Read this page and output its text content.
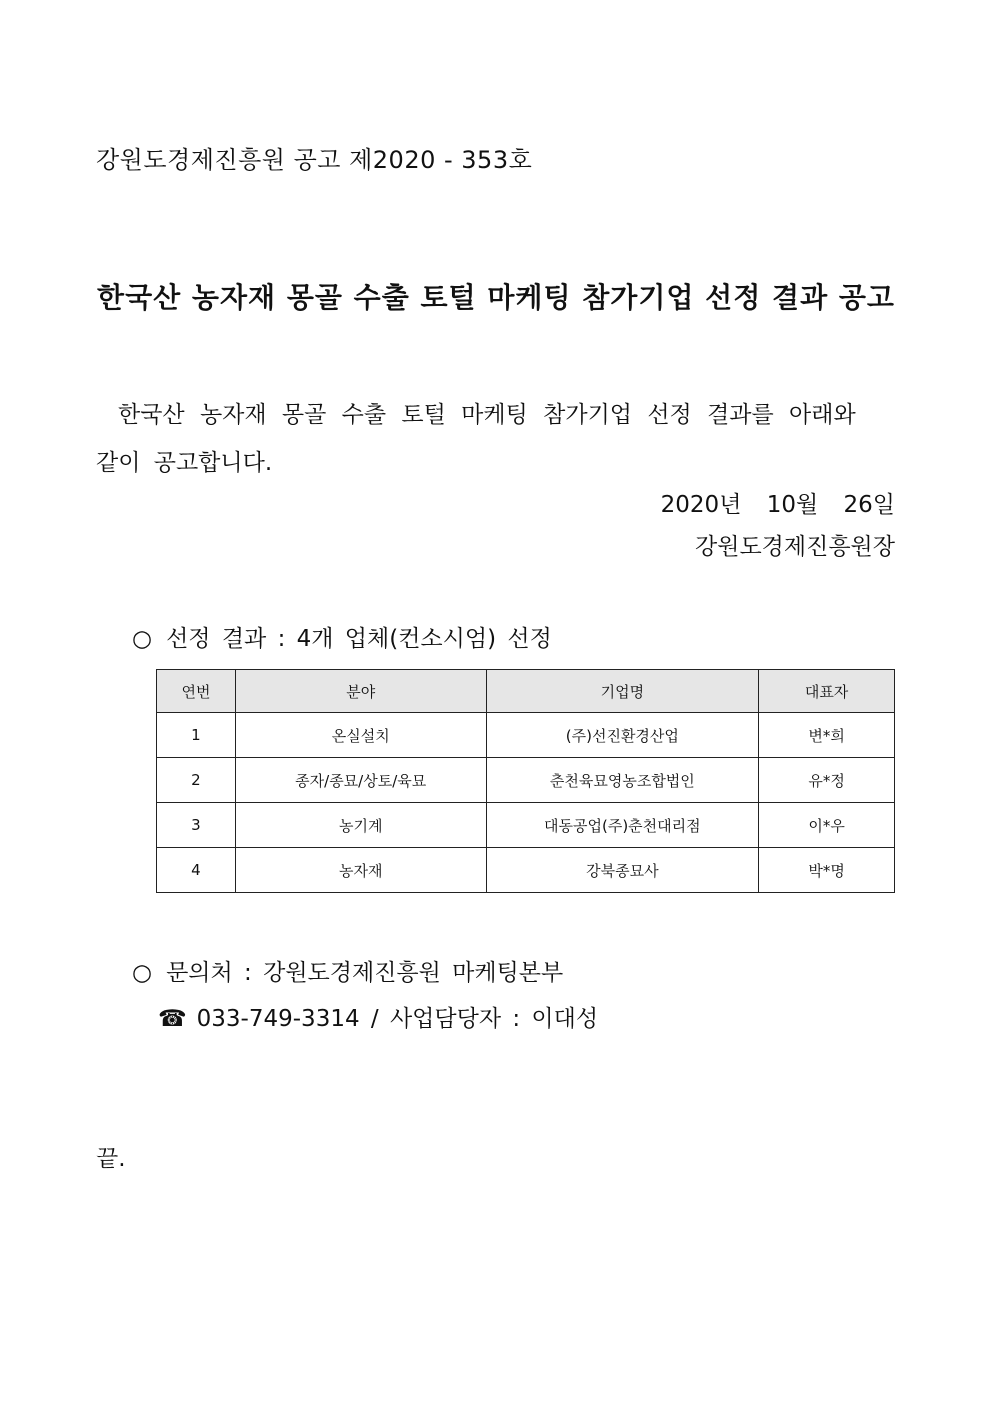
강원도경제진흥원 공고 제2020 - 353호
한국산 농자재 몽골 수출 토털 마케팅 참가기업 선정 결과 공고
한국산 농자재 몽골 수출 토털 마케팅 참가기업 선정 결과를 아래와
같이 공고합니다.
2020년 10월 26일
강원도경제진흥원장
○ 선정 결과 : 4개 업체(컨소시엄) 선정
연번	분야	기업명	대표자
1	온실설치	(주)선진환경산업	변*희
2	종자/종묘/상토/육묘	춘천육묘영농조합법인	유*정
3	농기계	대동공업(주)춘천대리점	이*우
4	농자재	강북종묘사	박*명
○ 문의처 : 강원도경제진흥원 마케팅본부
☎ 033-749-3314 / 사업담당자 : 이대성
끝.
